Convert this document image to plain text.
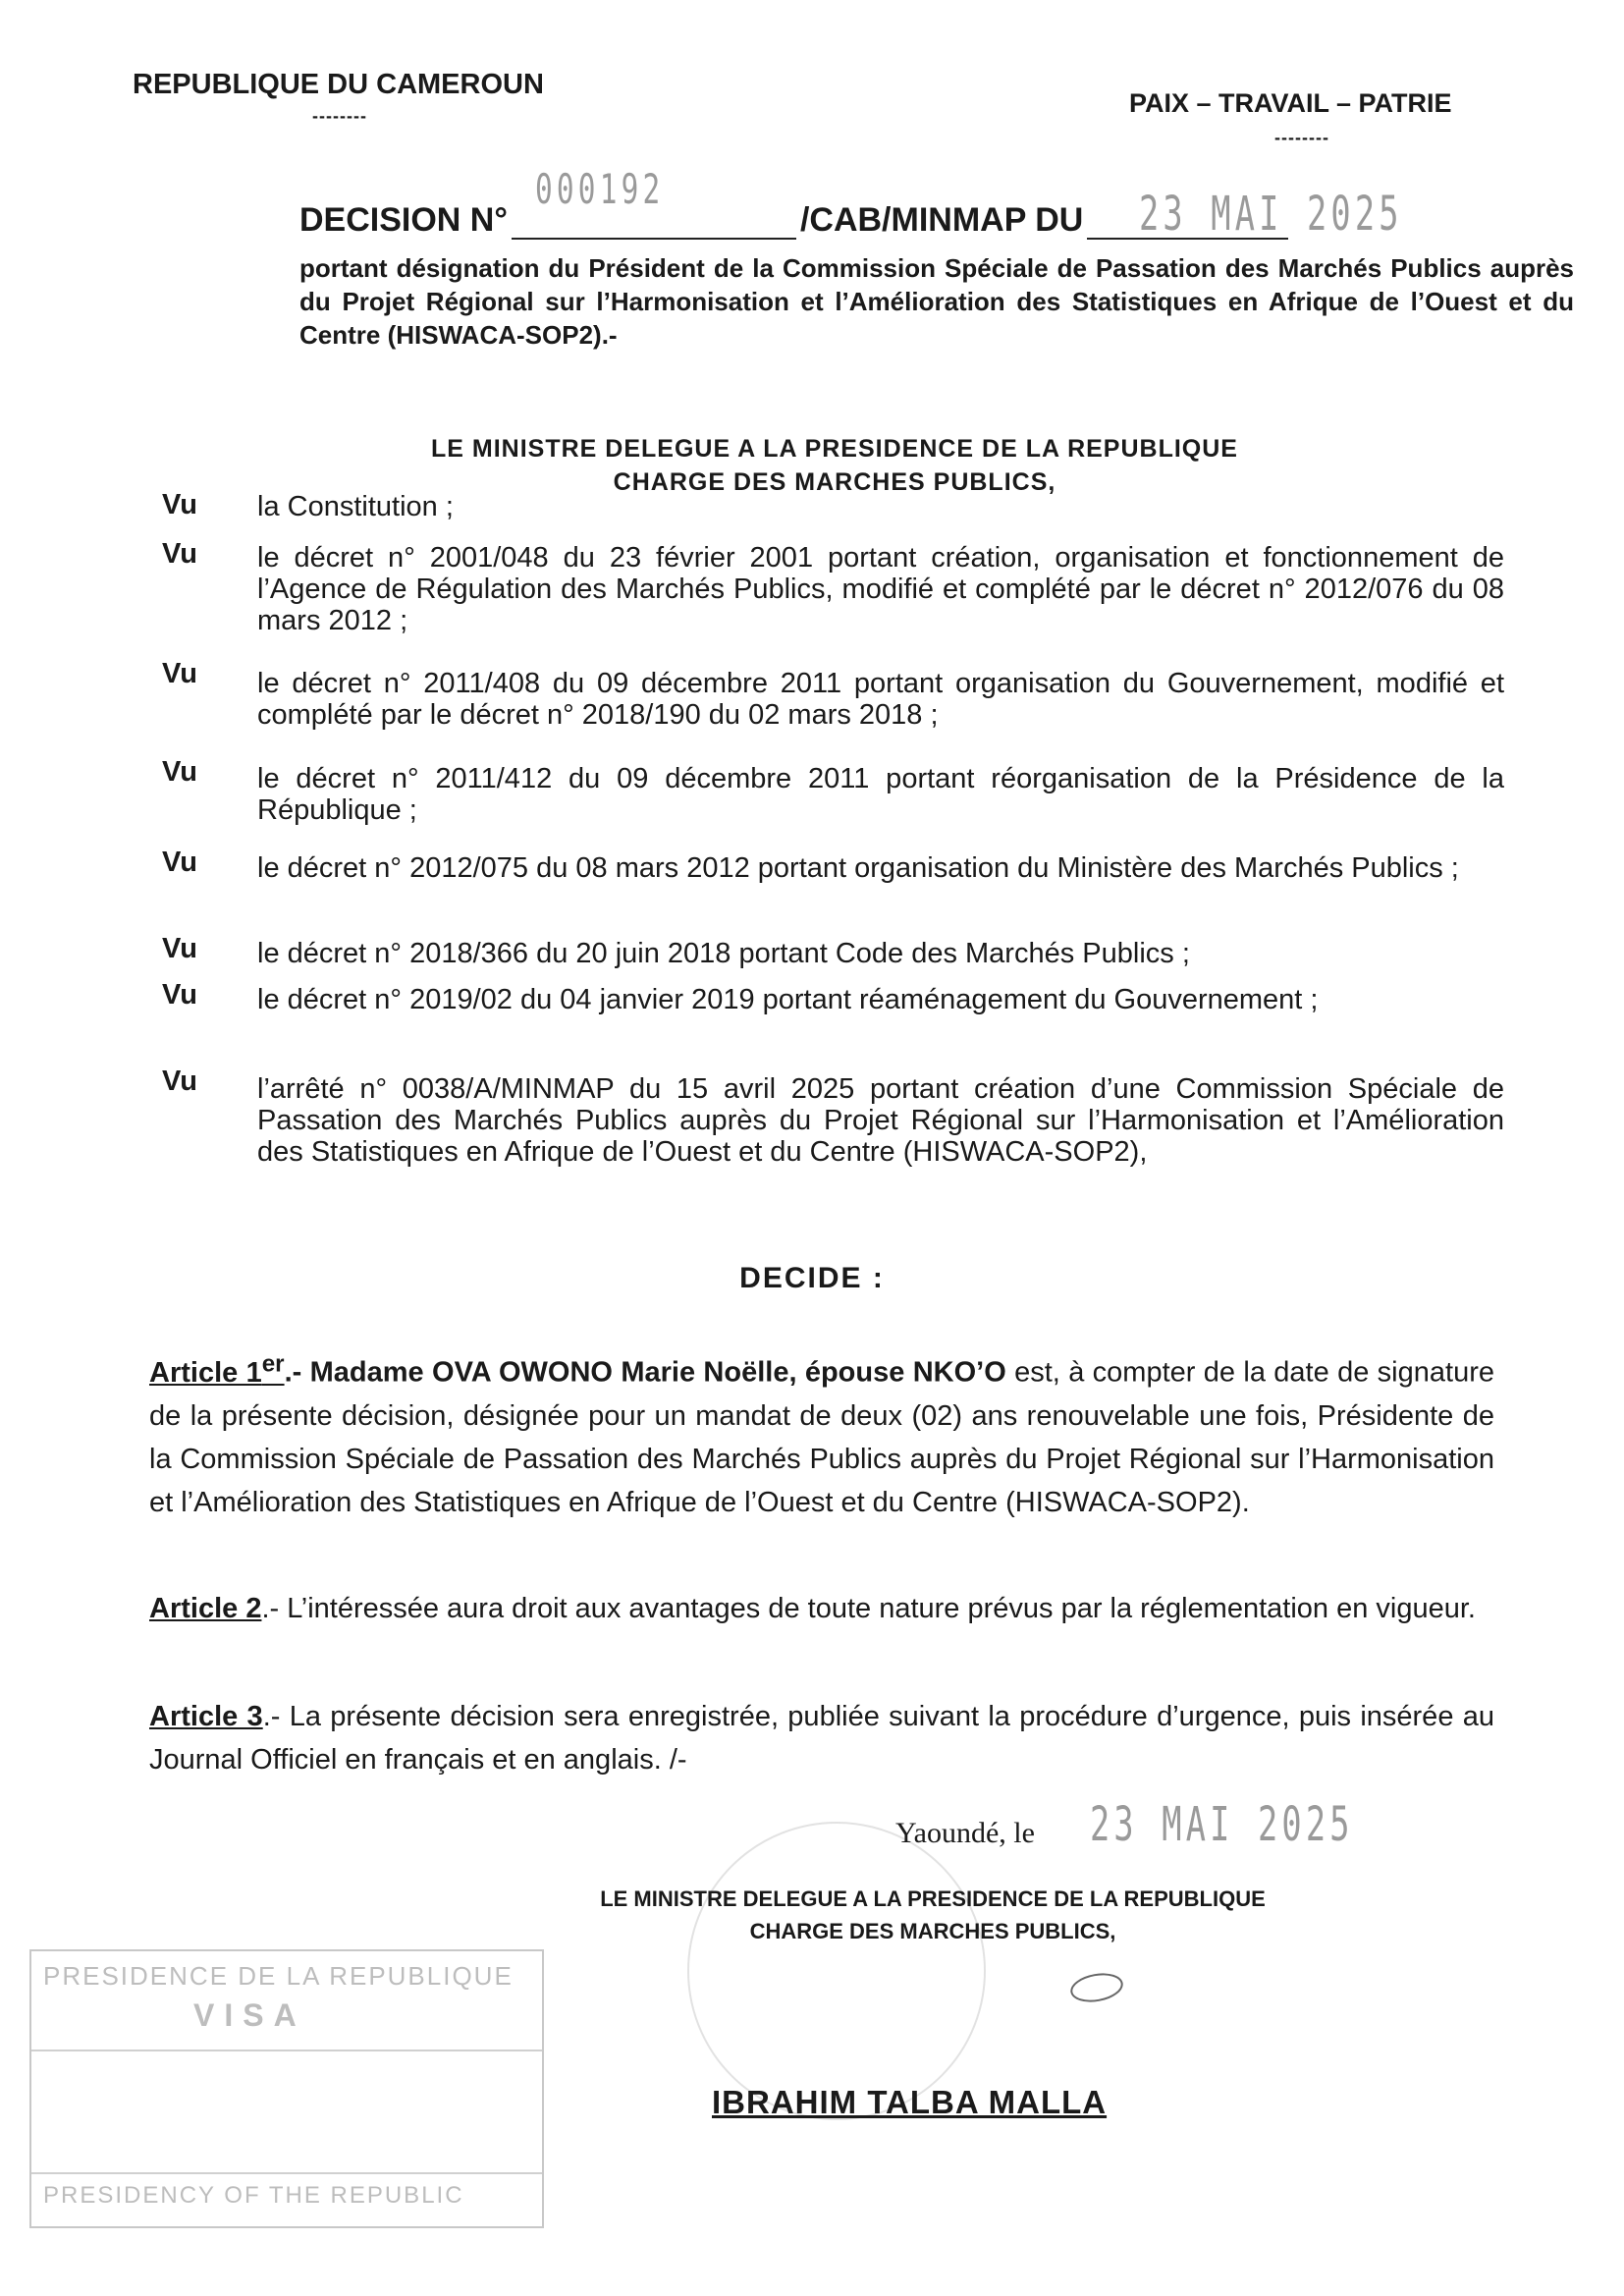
REPUBLIQUE DU CAMEROUN
--------	PAIX – TRAVAIL – PATRIE
--------
000192	23 MAI 2025
DECISION N°	/CAB/MINMAP DU
portant désignation du Président de la Commission Spéciale de Passation des Marchés Publics auprès du Projet Régional sur l’Harmonisation et l’Amélioration des Statistiques en Afrique de l’Ouest et du Centre (HISWACA-SOP2).-
LE MINISTRE DELEGUE A LA PRESIDENCE DE LA REPUBLIQUE
CHARGE DES MARCHES PUBLICS,
Vu la Constitution ;
Vu le décret n° 2001/048 du 23 février 2001 portant création, organisation et fonctionnement de l’Agence de Régulation des Marchés Publics, modifié et complété par le décret n° 2012/076 du 08 mars 2012 ;
Vu le décret n° 2011/408 du 09 décembre 2011 portant organisation du Gouvernement, modifié et complété par le décret n° 2018/190 du 02 mars 2018 ;
Vu le décret n° 2011/412 du 09 décembre 2011 portant réorganisation de la Présidence de la République ;
Vu le décret n° 2012/075 du 08 mars 2012 portant organisation du Ministère des Marchés Publics ;
Vu le décret n° 2018/366 du 20 juin 2018 portant Code des Marchés Publics ;
Vu le décret n° 2019/02 du 04 janvier 2019 portant réaménagement du Gouvernement ;
Vu l’arrêté n° 0038/A/MINMAP du 15 avril 2025 portant création d’une Commission Spéciale de Passation des Marchés Publics auprès du Projet Régional sur l’Harmonisation et l’Amélioration des Statistiques en Afrique de l’Ouest et du Centre (HISWACA-SOP2),
DECIDE :
Article 1er.- Madame OVA OWONO Marie Noëlle, épouse NKO’O est, à compter de la date de signature de la présente décision, désignée pour un mandat de deux (02) ans renouvelable une fois, Présidente de la Commission Spéciale de Passation des Marchés Publics auprès du Projet Régional sur l’Harmonisation et l’Amélioration des Statistiques en Afrique de l’Ouest et du Centre (HISWACA-SOP2).
Article 2.- L’intéressée aura droit aux avantages de toute nature prévus par la réglementation en vigueur.
Article 3.- La présente décision sera enregistrée, publiée suivant la procédure d’urgence, puis insérée au Journal Officiel en français et en anglais. /-
Yaoundé, le 23 MAI 2025
LE MINISTRE DELEGUE A LA PRESIDENCE DE LA REPUBLIQUE
CHARGE DES MARCHES PUBLICS,
IBRAHIM TALBA MALLA
PRESIDENCE DE LA REPUBLIQUE
VISA
PRESIDENCY OF THE REPUBLIC
